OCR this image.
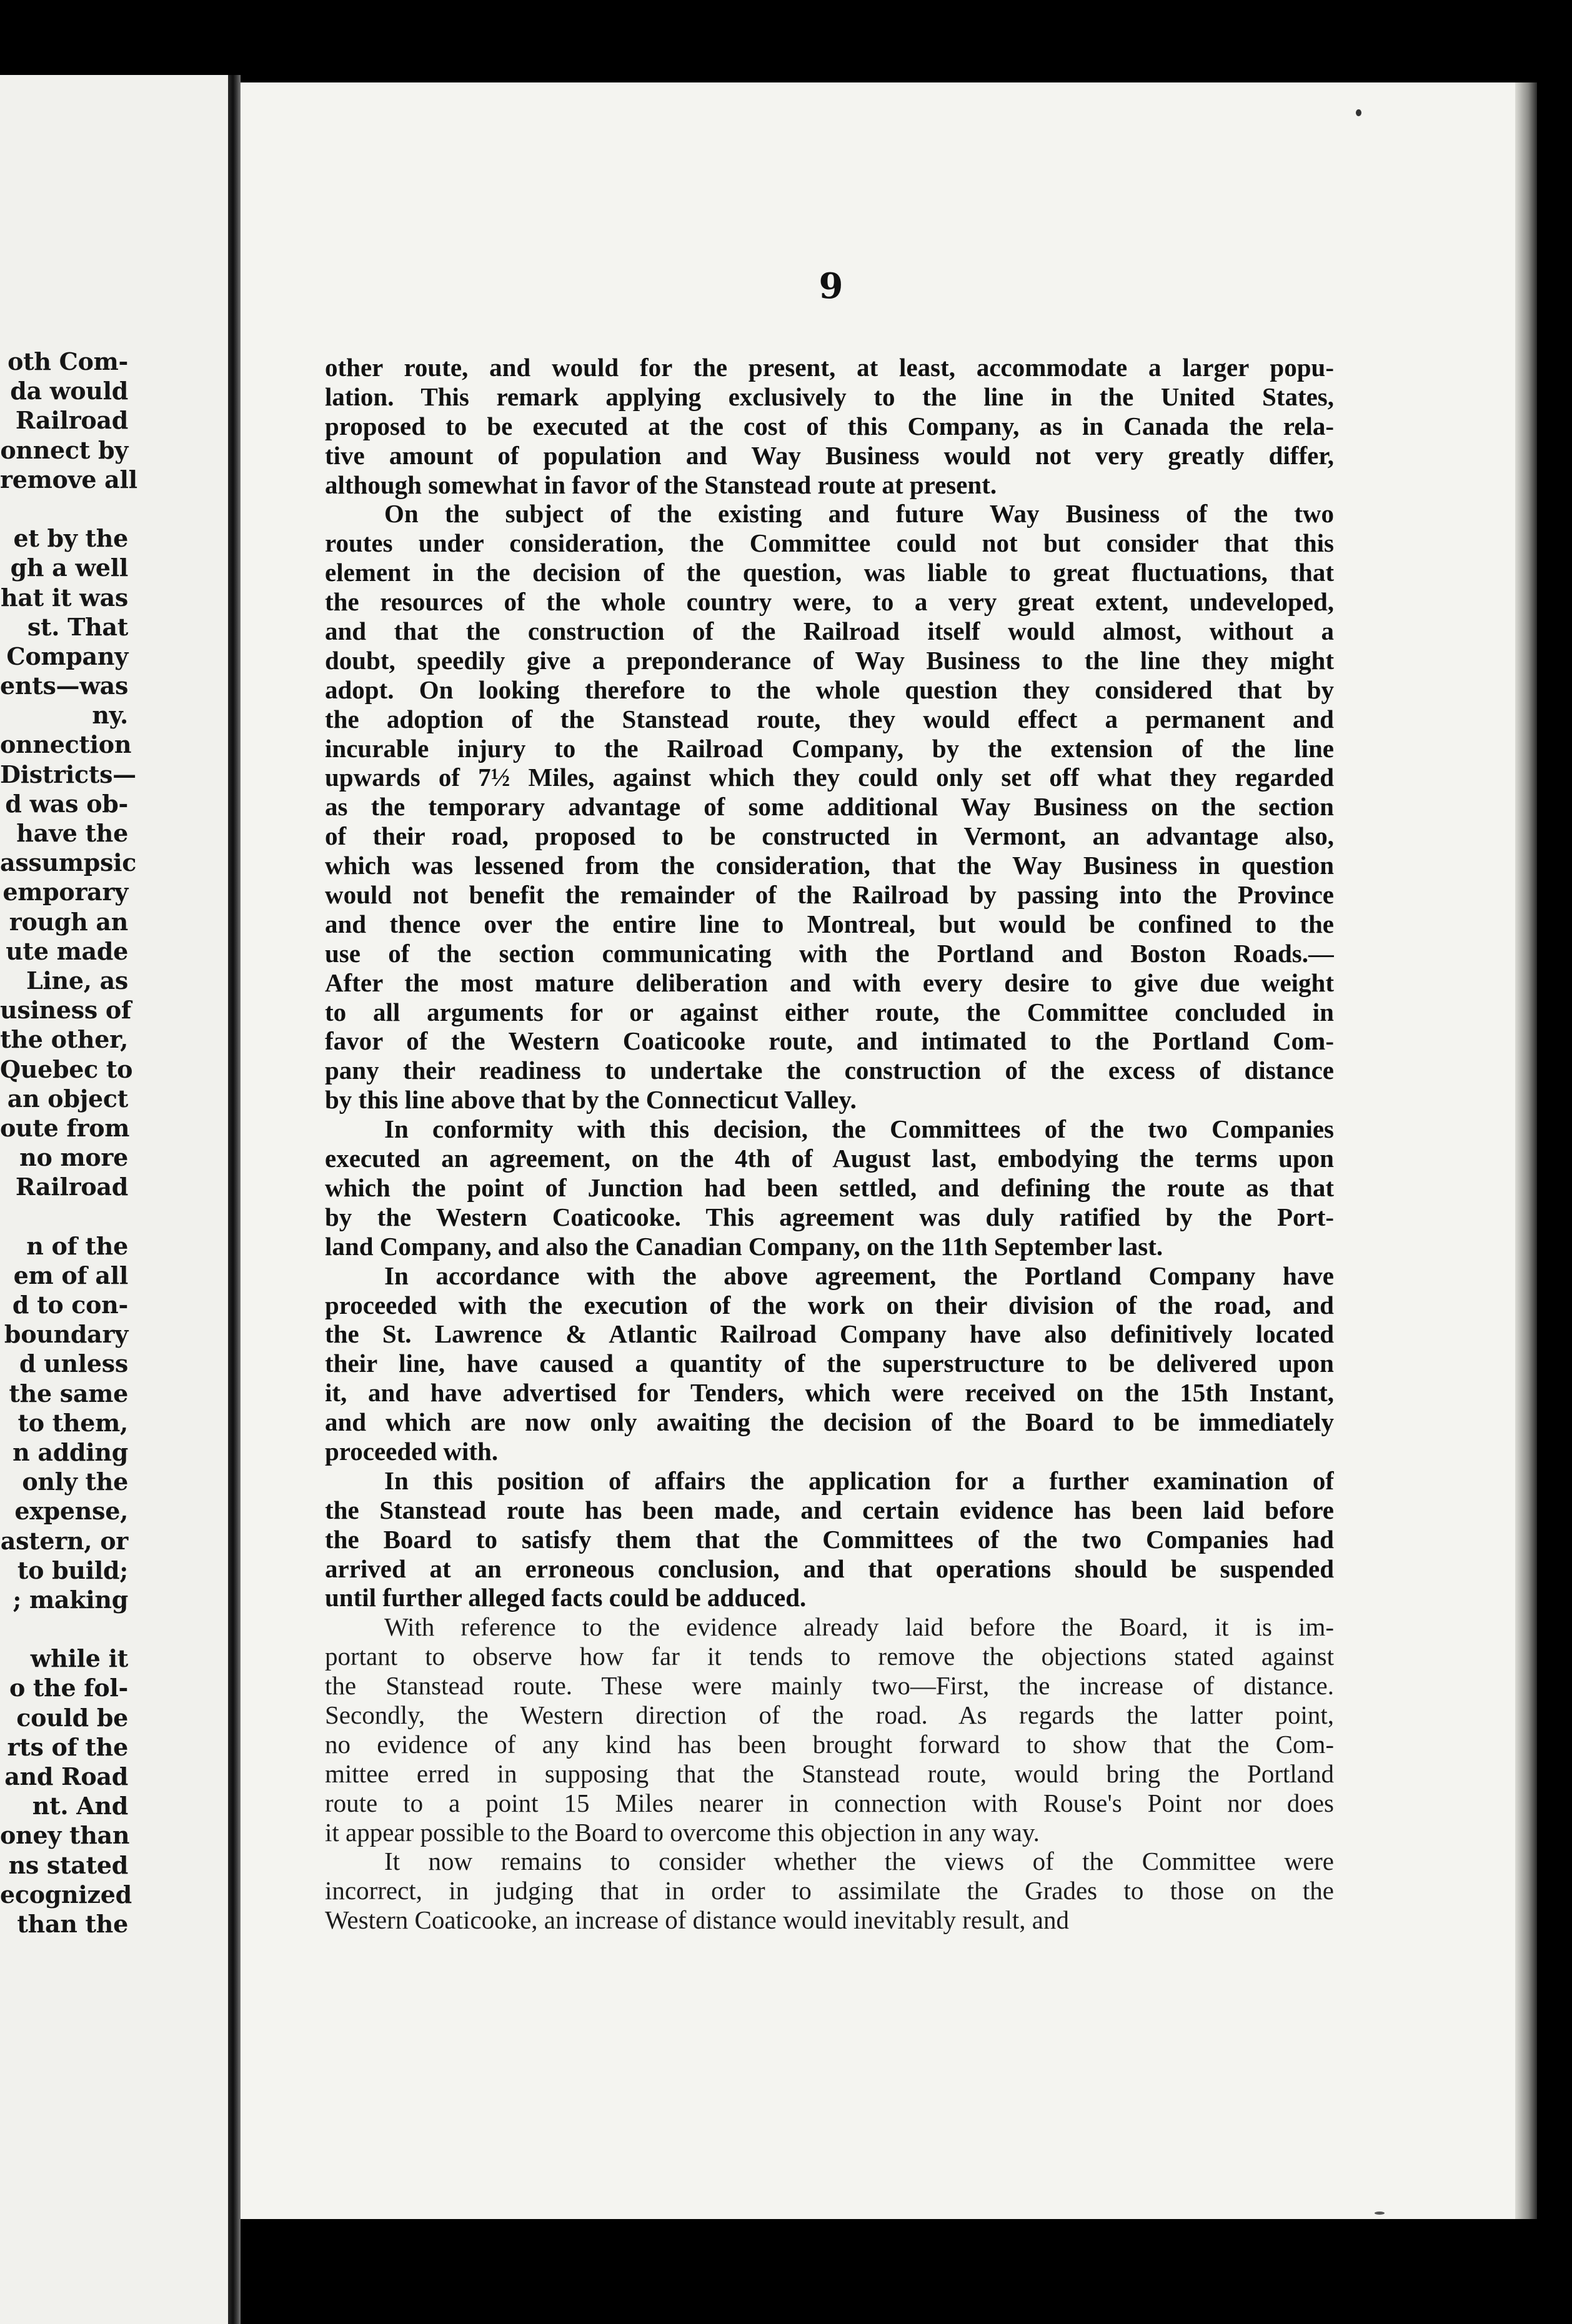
oth Com-
da would
Railroad
onnect by
remove all
et by the
gh a well
hat it was
st. That
Company
ents—was
ny.
onnection
Districts—
d was ob-
have the
assumpsic
emporary
rough an
ute made
Line, as
usiness of
the other,
Quebec to
an object
oute from
no more
Railroad
n of the
em of all
d to con-
boundary
d unless
the same
to them,
n adding
only the
expense,
astern, or
to build;
; making
while it
o the fol-
could be
rts of the
and Road
nt. And
oney than
ns stated
ecognized
than the
9
other route, and would for the present, at least, accommodate a larger popu-
lation. This remark applying exclusively to the line in the United States,
proposed to be executed at the cost of this Company, as in Canada the rela-
tive amount of population and Way Business would not very greatly differ,
although somewhat in favor of the Stanstead route at present.
On the subject of the existing and future Way Business of the two
routes under consideration, the Committee could not but consider that this
element in the decision of the question, was liable to great fluctuations, that
the resources of the whole country were, to a very great extent, undeveloped,
and that the construction of the Railroad itself would almost, without a
doubt, speedily give a preponderance of Way Business to the line they might
adopt. On looking therefore to the whole question they considered that by
the adoption of the Stanstead route, they would effect a permanent and
incurable injury to the Railroad Company, by the extension of the line
upwards of 7½ Miles, against which they could only set off what they regarded
as the temporary advantage of some additional Way Business on the section
of their road, proposed to be constructed in Vermont, an advantage also,
which was lessened from the consideration, that the Way Business in question
would not benefit the remainder of the Railroad by passing into the Province
and thence over the entire line to Montreal, but would be confined to the
use of the section communicating with the Portland and Boston Roads.—
After the most mature deliberation and with every desire to give due weight
to all arguments for or against either route, the Committee concluded in
favor of the Western Coaticooke route, and intimated to the Portland Com-
pany their readiness to undertake the construction of the excess of distance
by this line above that by the Connecticut Valley.
In conformity with this decision, the Committees of the two Companies
executed an agreement, on the 4th of August last, embodying the terms upon
which the point of Junction had been settled, and defining the route as that
by the Western Coaticooke. This agreement was duly ratified by the Port-
land Company, and also the Canadian Company, on the 11th September last.
In accordance with the above agreement, the Portland Company have
proceeded with the execution of the work on their division of the road, and
the St. Lawrence & Atlantic Railroad Company have also definitively located
their line, have caused a quantity of the superstructure to be delivered upon
it, and have advertised for Tenders, which were received on the 15th Instant,
and which are now only awaiting the decision of the Board to be immediately
proceeded with.
In this position of affairs the application for a further examination of
the Stanstead route has been made, and certain evidence has been laid before
the Board to satisfy them that the Committees of the two Companies had
arrived at an erroneous conclusion, and that operations should be suspended
until further alleged facts could be adduced.
With reference to the evidence already laid before the Board, it is im-
portant to observe how far it tends to remove the objections stated against
the Stanstead route. These were mainly two—First, the increase of distance.
Secondly, the Western direction of the road. As regards the latter point,
no evidence of any kind has been brought forward to show that the Com-
mittee erred in supposing that the Stanstead route, would bring the Portland
route to a point 15 Miles nearer in connection with Rouse's Point nor does
it appear possible to the Board to overcome this objection in any way.
It now remains to consider whether the views of the Committee were
incorrect, in judging that in order to assimilate the Grades to those on the
Western Coaticooke, an increase of distance would inevitably result, and
